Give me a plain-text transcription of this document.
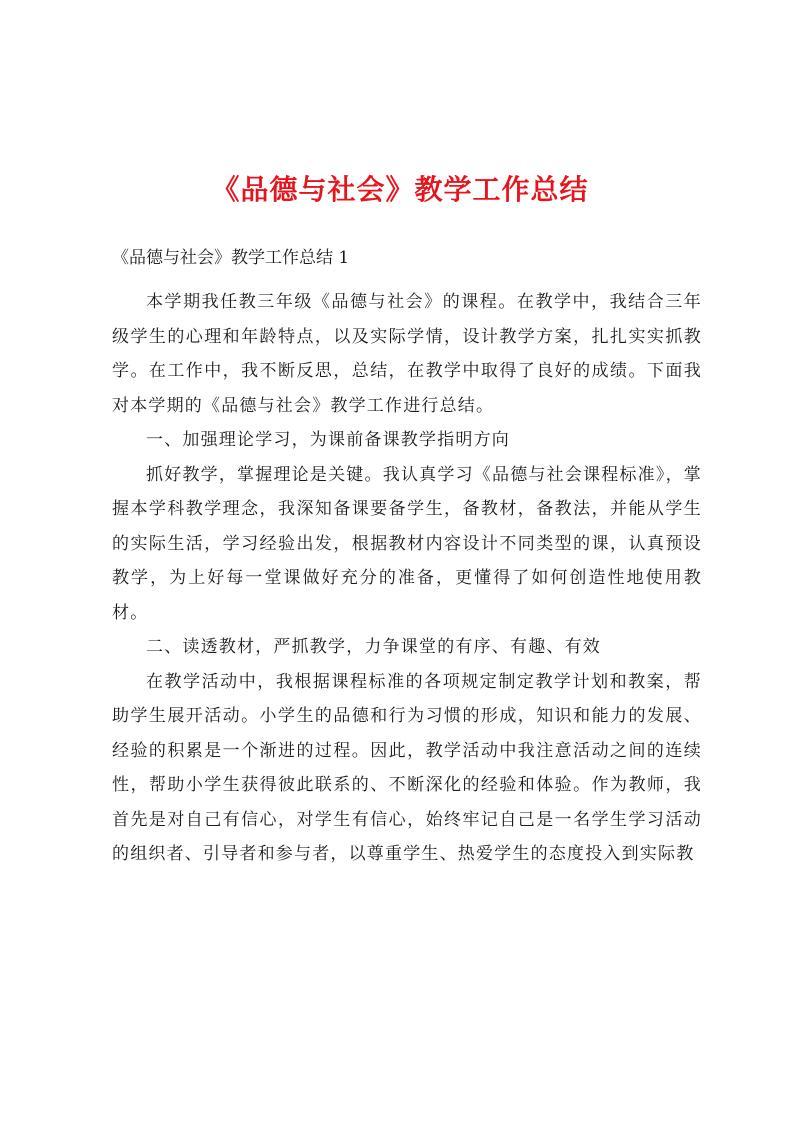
《品德与社会》教学工作总结

《品德与社会》教学工作总结 1

本学期我任教三年级《品德与社会》的课程。在教学中，我结合三年级学生的心理和年龄特点，以及实际学情，设计教学方案，扎扎实实抓教学。在工作中，我不断反思，总结，在教学中取得了良好的成绩。下面我对本学期的《品德与社会》教学工作进行总结。

一、加强理论学习，为课前备课教学指明方向

抓好教学，掌握理论是关键。我认真学习《品德与社会课程标准》，掌握本学科教学理念，我深知备课要备学生，备教材，备教法，并能从学生的实际生活，学习经验出发，根据教材内容设计不同类型的课，认真预设教学，为上好每一堂课做好充分的准备，更懂得了如何创造性地使用教材。

二、读透教材，严抓教学，力争课堂的有序、有趣、有效

在教学活动中，我根据课程标准的各项规定制定教学计划和教案，帮助学生展开活动。小学生的品德和行为习惯的形成，知识和能力的发展、经验的积累是一个渐进的过程。因此，教学活动中我注意活动之间的连续性，帮助小学生获得彼此联系的、不断深化的经验和体验。作为教师，我首先是对自己有信心，对学生有信心，始终牢记自己是一名学生学习活动的组织者、引导者和参与者，以尊重学生、热爱学生的态度投入到实际教
